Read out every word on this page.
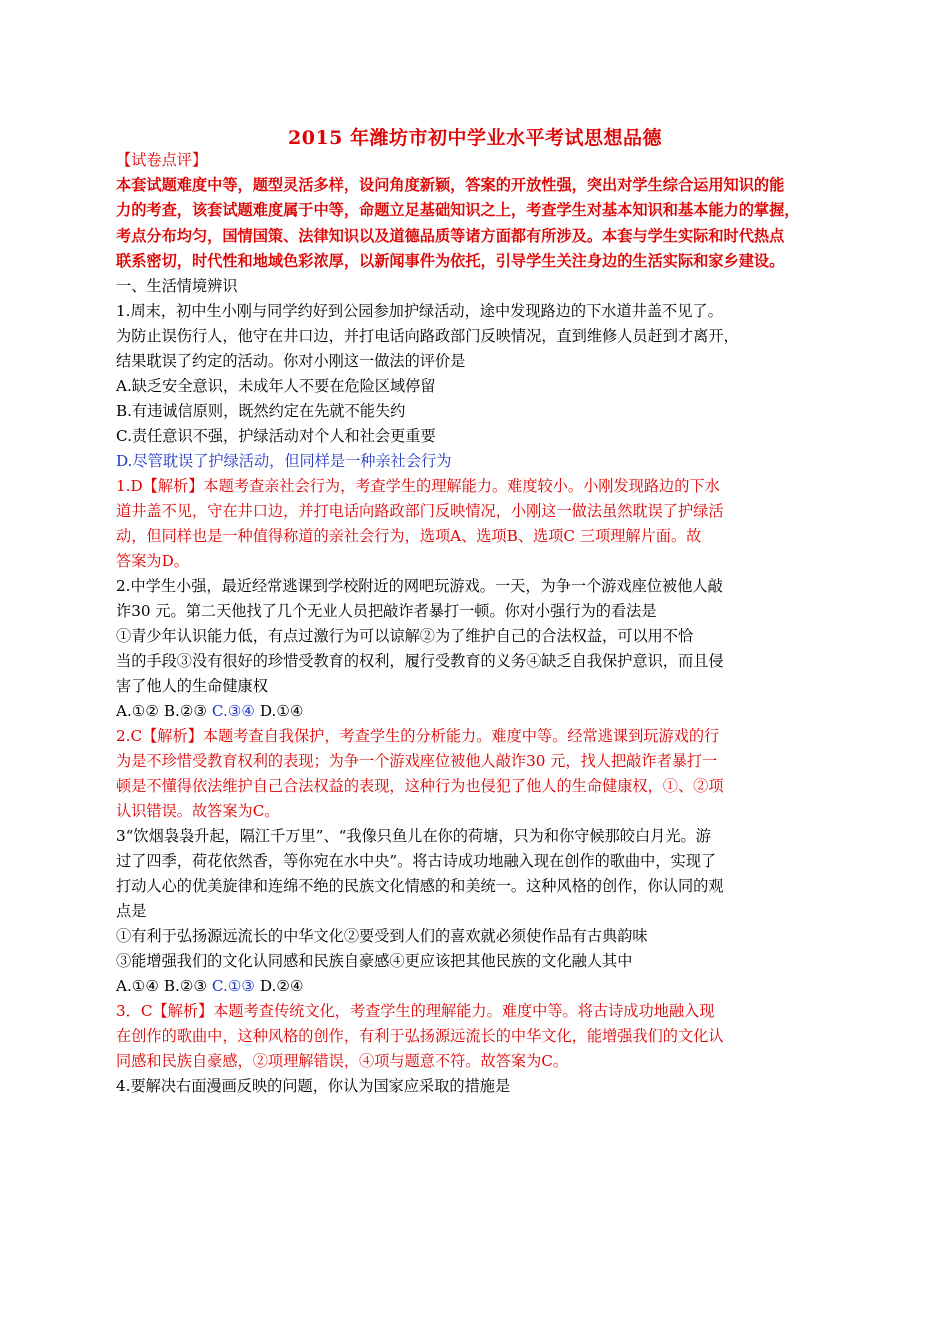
2015 年潍坊市初中学业水平考试思想品德
【试卷点评】
本套试题难度中等，题型灵活多样，设问角度新颖，答案的开放性强，突出对学生综合运用知识的能
力的考查，该套试题难度属于中等，命题立足基础知识之上，考查学生对基本知识和基本能力的掌握，
考点分布均匀，国情国策、法律知识以及道德品质等诸方面都有所涉及。本套与学生实际和时代热点
联系密切，时代性和地域色彩浓厚，以新闻事件为依托，引导学生关注身边的生活实际和家乡建设。
一、生活情境辨识
1.周末，初中生小刚与同学约好到公园参加护绿活动，途中发现路边的下水道井盖不见了。
为防止误伤行人，他守在井口边，并打电话向路政部门反映情况，直到维修人员赶到才离开，
结果耽误了约定的活动。你对小刚这一做法的评价是
A.缺乏安全意识，未成年人不要在危险区域停留
B.有违诚信原则，既然约定在先就不能失约
C.责任意识不强，护绿活动对个人和社会更重要
D.尽管耽误了护绿活动，但同样是一种亲社会行为
1.D【解析】本题考查亲社会行为，考查学生的理解能力。难度较小。小刚发现路边的下水
道井盖不见，守在井口边，并打电话向路政部门反映情况，小刚这一做法虽然耽误了护绿活
动，但同样也是一种值得称道的亲社会行为，选项A、选项B、选项C 三项理解片面。故
答案为D。
2.中学生小强，最近经常逃课到学校附近的网吧玩游戏。一天，为争一个游戏座位被他人敲
诈30 元。第二天他找了几个无业人员把敲诈者暴打一顿。你对小强行为的看法是
①青少年认识能力低，有点过激行为可以谅解②为了维护自己的合法权益，可以用不恰
当的手段③没有很好的珍惜受教育的权利，履行受教育的义务④缺乏自我保护意识，而且侵
害了他人的生命健康权
A.①② B.②③ C.③④ D.①④
2.C【解析】本题考查自我保护，考查学生的分析能力。难度中等。经常逃课到玩游戏的行
为是不珍惜受教育权利的表现；为争一个游戏座位被他人敲诈30 元，找人把敲诈者暴打一
顿是不懂得依法维护自己合法权益的表现，这种行为也侵犯了他人的生命健康权，①、②项
认识错误。故答案为C。
3“饮烟袅袅升起，隔江千万里”、“我像只鱼儿在你的荷塘，只为和你守候那皎白月光。游
过了四季，荷花依然香，等你宛在水中央”。将古诗成功地融入现在创作的歌曲中，实现了
打动人心的优美旋律和连绵不绝的民族文化情感的和美统一。这种风格的创作，你认同的观
点是
①有利于弘扬源远流长的中华文化②要受到人们的喜欢就必须使作品有古典韵味
③能增强我们的文化认同感和民族自豪感④更应该把其他民族的文化融人其中
A.①④ B.②③ C.①③ D.②④
3．C【解析】本题考查传统文化，考查学生的理解能力。难度中等。将古诗成功地融入现
在创作的歌曲中，这种风格的创作，有利于弘扬源远流长的中华文化，能增强我们的文化认
同感和民族自豪感，②项理解错误，④项与题意不符。故答案为C。
4.要解决右面漫画反映的问题，你认为国家应采取的措施是
